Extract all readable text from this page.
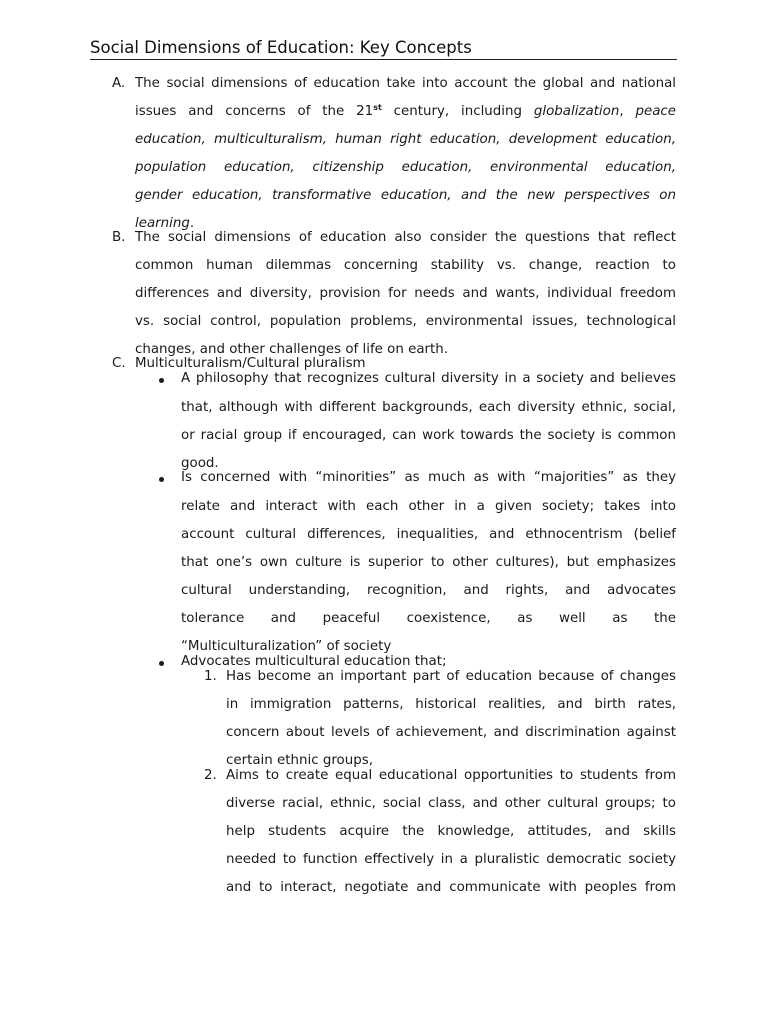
Social Dimensions of Education: Key Concepts
A. The social dimensions of education take into account the global and national
issues and concerns of the 21st century, including globalization, peace
education, multiculturalism, human right education, development education,
population education, citizenship education, environmental education,
gender education, transformative education, and the new perspectives on
learning.
B. The social dimensions of education also consider the questions that reflect
common human dilemmas concerning stability vs. change, reaction to
differences and diversity, provision for needs and wants, individual freedom
vs. social control, population problems, environmental issues, technological
changes, and other challenges of life on earth.
C. Multiculturalism/Cultural pluralism
A philosophy that recognizes cultural diversity in a society and believes
that, although with different backgrounds, each diversity ethnic, social,
or racial group if encouraged, can work towards the society is common
good.
Is concerned with “minorities” as much as with “majorities” as they
relate and interact with each other in a given society; takes into
account cultural differences, inequalities, and ethnocentrism (belief
that one’s own culture is superior to other cultures), but emphasizes
cultural understanding, recognition, and rights, and advocates
tolerance and peaceful coexistence, as well as the
“Multiculturalization” of society
Advocates multicultural education that;
1. Has become an important part of education because of changes
in immigration patterns, historical realities, and birth rates,
concern about levels of achievement, and discrimination against
certain ethnic groups,
2. Aims to create equal educational opportunities to students from
diverse racial, ethnic, social class, and other cultural groups; to
help students acquire the knowledge, attitudes, and skills
needed to function effectively in a pluralistic democratic society
and to interact, negotiate and communicate with peoples from
